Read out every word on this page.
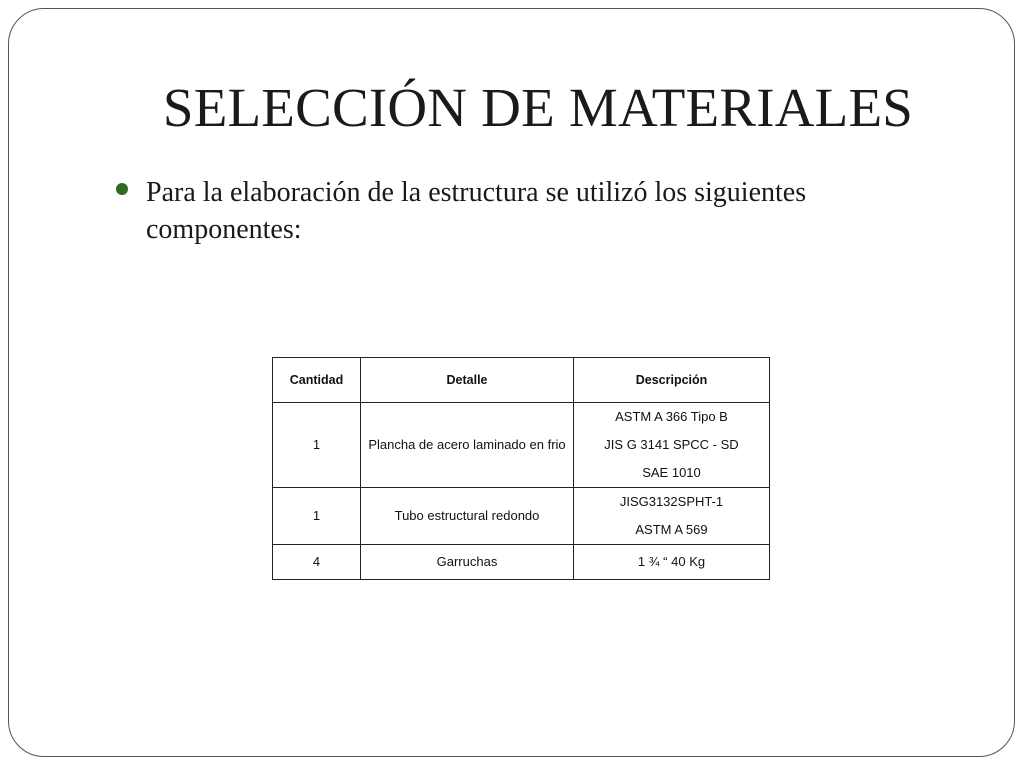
SELECCIÓN DE MATERIALES
Para la elaboración de la estructura se utilizó los siguientes componentes:
Cantidad	Detalle	Descripción
1	Plancha de acero laminado en frio	ASTM A 366 Tipo B
JIS G 3141 SPCC - SD
SAE 1010

1	Tubo estructural redondo	JISG3132SPHT-1
ASTM A 569

4	Garruchas	1 ¾ “ 40 Kg
